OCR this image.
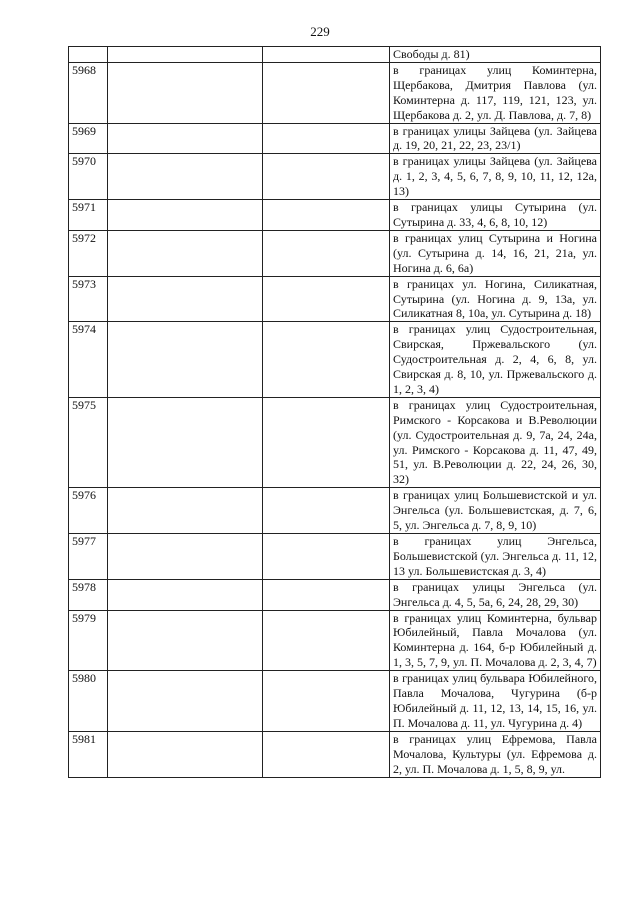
229
			Свободы д. 81)
5968			в границах улиц Коминтерна, Щербакова, Дмитрия Павлова (ул. Коминтерна д. 117, 119, 121, 123, ул. Щербакова д. 2, ул. Д. Павлова, д. 7, 8)
5969			в границах улицы Зайцева (ул. Зайцева д. 19, 20, 21, 22, 23, 23/1)
5970			в границах улицы Зайцева (ул. Зайцева д. 1, 2, 3, 4, 5, 6, 7, 8, 9, 10, 11, 12, 12а, 13)
5971			в границах улицы Сутырина (ул. Сутырина д. 33, 4, 6, 8, 10, 12)
5972			в границах улиц Сутырина и Ногина (ул. Сутырина д. 14, 16, 21, 21а, ул. Ногина д. 6, 6а)
5973			в границах ул. Ногина, Силикатная, Сутырина (ул. Ногина д. 9, 13а, ул. Силикатная 8, 10а, ул. Сутырина д. 18)
5974			в границах улиц Судостроительная, Свирская, Пржевальского (ул. Судостроительная д. 2, 4, 6, 8, ул. Свирская д. 8, 10, ул. Пржевальского д. 1, 2, 3, 4)
5975			в границах улиц Судостроительная, Римского - Корсакова и В.Революции (ул. Судостроительная д. 9, 7а, 24, 24а, ул. Римского - Корсакова д. 11, 47, 49, 51, ул. В.Революции д. 22, 24, 26, 30, 32)
5976			в границах улиц Большевистской и ул. Энгельса (ул. Большевистская, д. 7, 6, 5, ул. Энгельса д. 7, 8, 9, 10)
5977			в границах улиц Энгельса, Большевистской (ул. Энгельса д. 11, 12, 13 ул. Большевистская д. 3, 4)
5978			в границах улицы Энгельса (ул. Энгельса д. 4, 5, 5а, 6, 24, 28, 29, 30)
5979			в границах улиц Коминтерна, бульвар Юбилейный, Павла Мочалова (ул. Коминтерна д. 164, б-р Юбилейный д. 1, 3, 5, 7, 9, ул. П. Мочалова д. 2, 3, 4, 7)
5980			в границах улиц бульвара Юбилейного, Павла Мочалова, Чугурина (б-р Юбилейный д. 11, 12, 13, 14, 15, 16, ул. П. Мочалова д. 11, ул. Чугурина д. 4)
5981			в границах улиц Ефремова, Павла Мочалова, Культуры (ул. Ефремова д. 2, ул. П. Мочалова д. 1, 5, 8, 9, ул.
